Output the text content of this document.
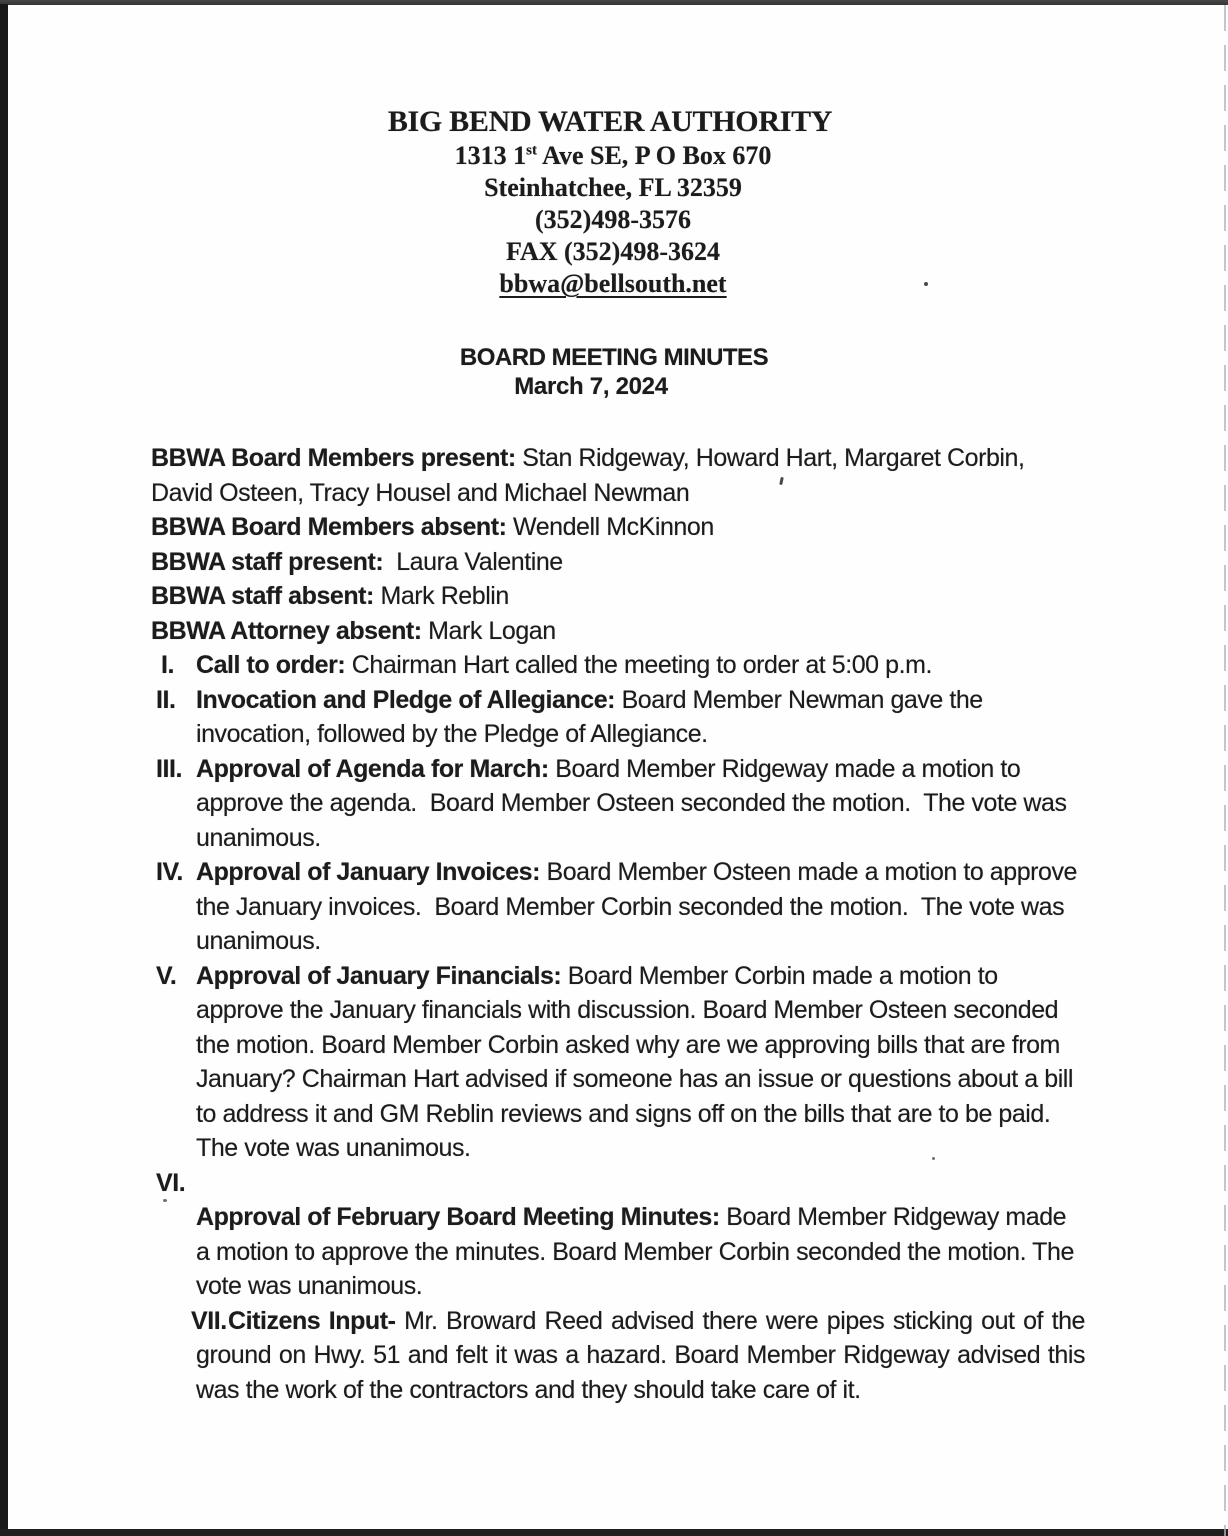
BIG BEND WATER AUTHORITY
1313 1st Ave SE, P O Box 670
Steinhatchee, FL 32359
(352)498-3576
FAX (352)498-3624
bbwa@bellsouth.net
BOARD MEETING MINUTES
March 7, 2024
BBWA Board Members present: Stan Ridgeway, Howard Hart, Margaret Corbin, David Osteen, Tracy Housel and Michael Newman
BBWA Board Members absent: Wendell McKinnon
BBWA staff present:  Laura Valentine
BBWA staff absent: Mark Reblin
BBWA Attorney absent: Mark Logan
I. Call to order: Chairman Hart called the meeting to order at 5:00 p.m.
II. Invocation and Pledge of Allegiance: Board Member Newman gave the invocation, followed by the Pledge of Allegiance.
III. Approval of Agenda for March: Board Member Ridgeway made a motion to approve the agenda.  Board Member Osteen seconded the motion.  The vote was unanimous.
IV. Approval of January Invoices: Board Member Osteen made a motion to approve the January invoices.  Board Member Corbin seconded the motion.  The vote was unanimous.
V. Approval of January Financials: Board Member Corbin made a motion to approve the January financials with discussion. Board Member Osteen seconded the motion. Board Member Corbin asked why are we approving bills that are from January? Chairman Hart advised if someone has an issue or questions about a bill to address it and GM Reblin reviews and signs off on the bills that are to be paid. The vote was unanimous.
VI.
Approval of February Board Meeting Minutes: Board Member Ridgeway made a motion to approve the minutes. Board Member Corbin seconded the motion. The vote was unanimous.
VII. Citizens Input- Mr. Broward Reed advised there were pipes sticking out of the ground on Hwy. 51 and felt it was a hazard. Board Member Ridgeway advised this was the work of the contractors and they should take care of it.
